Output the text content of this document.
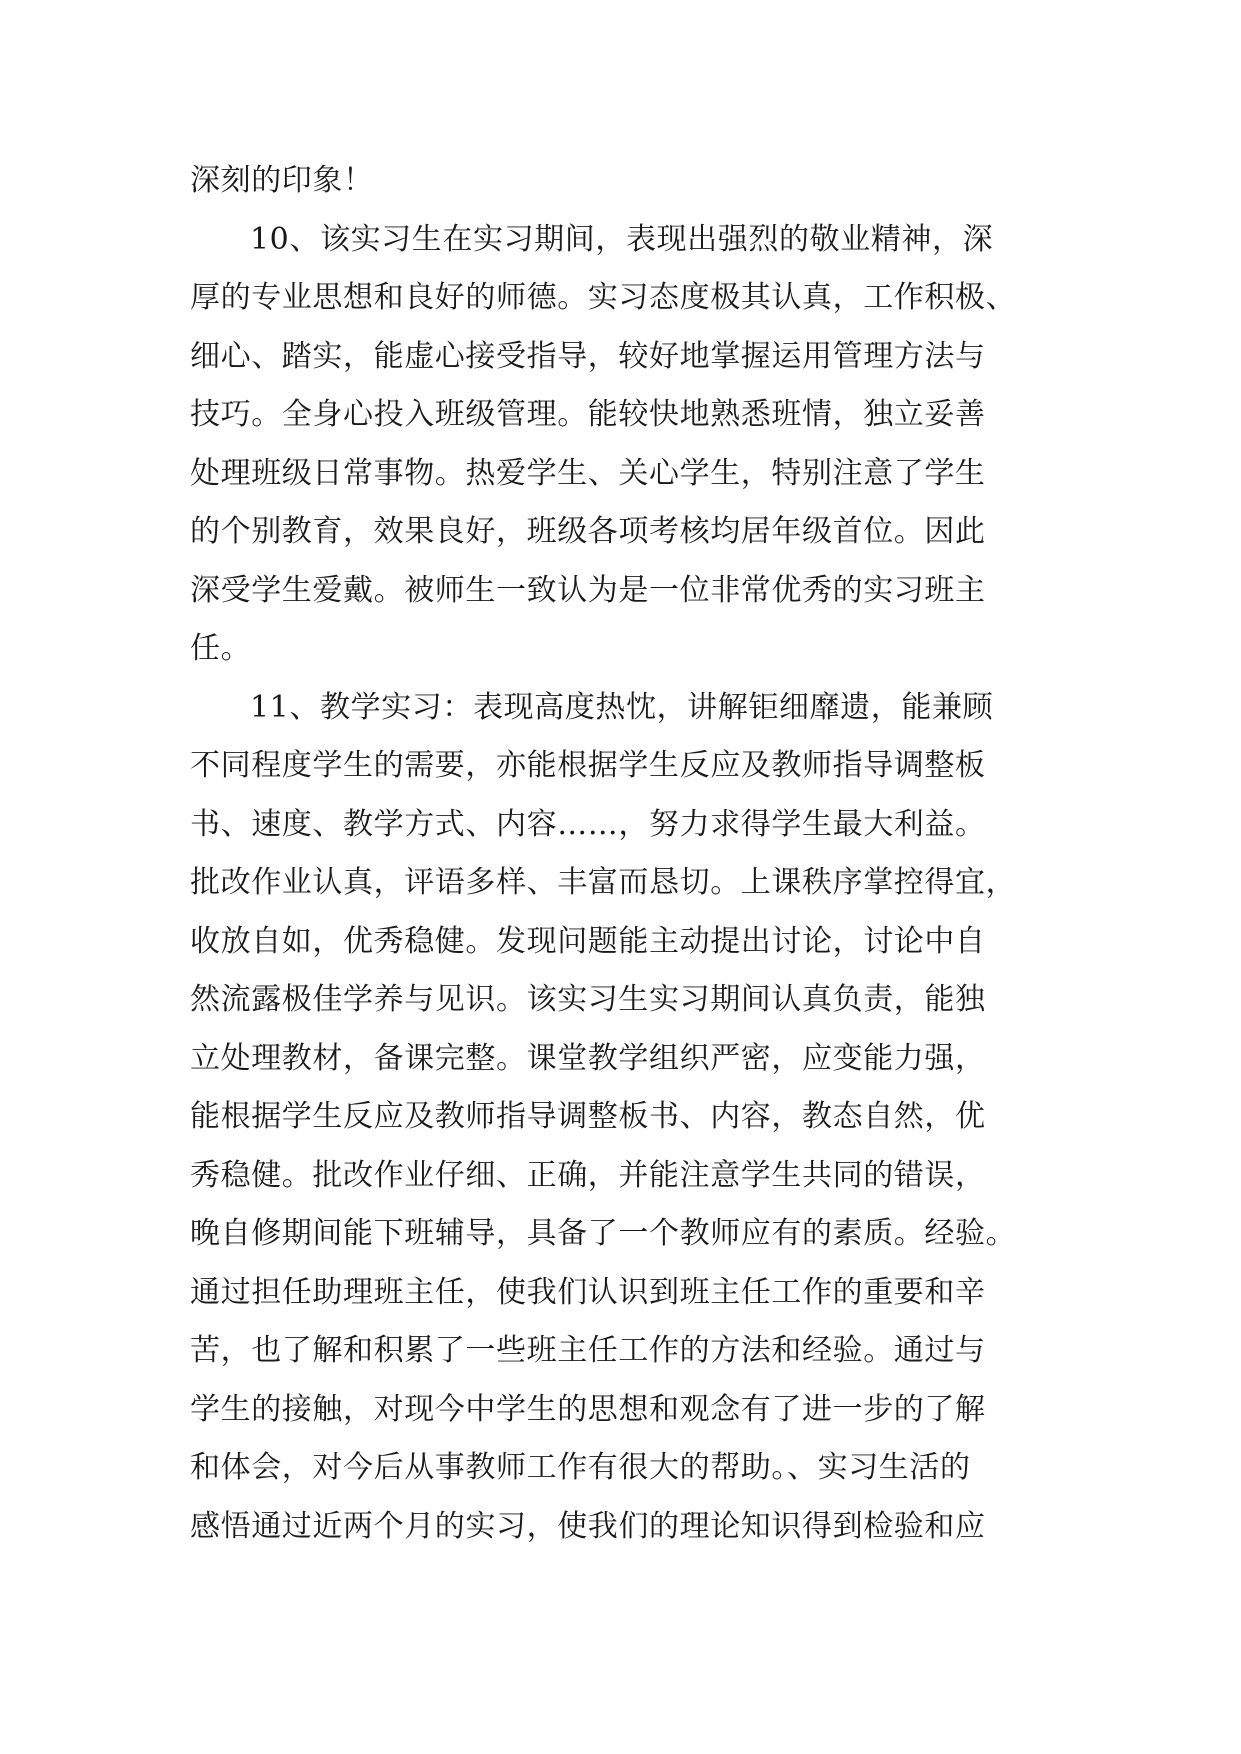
深刻的印象！
10、该实习生在实习期间，表现出强烈的敬业精神，深
厚的专业思想和良好的师德。实习态度极其认真，工作积极、
细心、踏实，能虚心接受指导，较好地掌握运用管理方法与
技巧。全身心投入班级管理。能较快地熟悉班情，独立妥善
处理班级日常事物。热爱学生、关心学生，特别注意了学生
的个别教育，效果良好，班级各项考核均居年级首位。因此
深受学生爱戴。被师生一致认为是一位非常优秀的实习班主
任。
11、教学实习：表现高度热忱，讲解钜细靡遗，能兼顾
不同程度学生的需要，亦能根据学生反应及教师指导调整板
书、速度、教学方式、内容……，努力求得学生最大利益。
批改作业认真，评语多样、丰富而恳切。上课秩序掌控得宜，
收放自如，优秀稳健。发现问题能主动提出讨论，讨论中自
然流露极佳学养与见识。该实习生实习期间认真负责，能独
立处理教材，备课完整。课堂教学组织严密，应变能力强，
能根据学生反应及教师指导调整板书、内容，教态自然，优
秀稳健。批改作业仔细、正确，并能注意学生共同的错误，
晚自修期间能下班辅导，具备了一个教师应有的素质。经验。
通过担任助理班主任，使我们认识到班主任工作的重要和辛
苦，也了解和积累了一些班主任工作的方法和经验。通过与
学生的接触，对现今中学生的思想和观念有了进一步的了解
和体会，对今后从事教师工作有很大的帮助。、实习生活的
感悟通过近两个月的实习，使我们的理论知识得到检验和应
